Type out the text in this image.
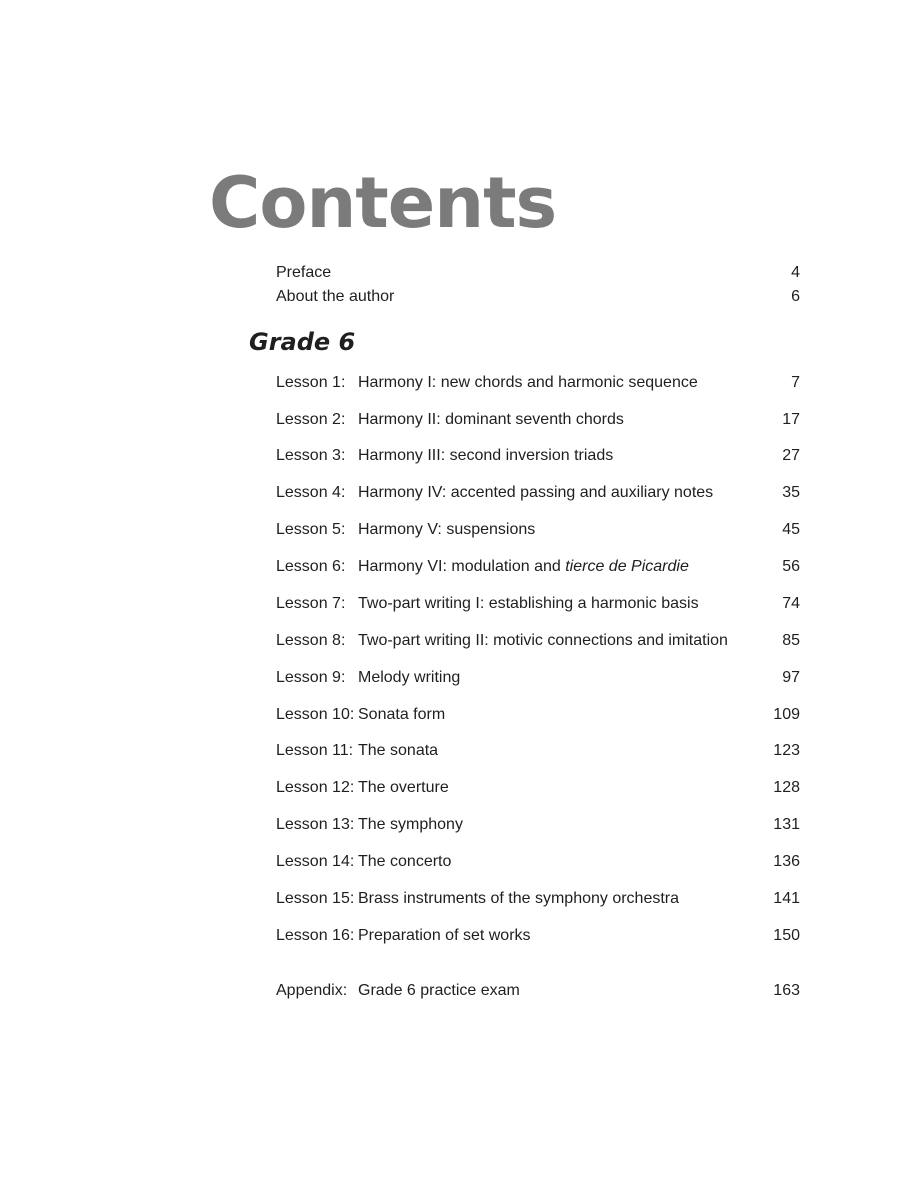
Contents
Preface	4
About the author	6
Grade 6
Lesson 1: Harmony I: new chords and harmonic sequence	7
Lesson 2: Harmony II: dominant seventh chords	17
Lesson 3: Harmony III: second inversion triads	27
Lesson 4: Harmony IV: accented passing and auxiliary notes	35
Lesson 5: Harmony V: suspensions	45
Lesson 6: Harmony VI: modulation and tierce de Picardie	56
Lesson 7: Two-part writing I: establishing a harmonic basis	74
Lesson 8: Two-part writing II: motivic connections and imitation	85
Lesson 9: Melody writing	97
Lesson 10: Sonata form	109
Lesson 11: The sonata	123
Lesson 12: The overture	128
Lesson 13: The symphony	131
Lesson 14: The concerto	136
Lesson 15: Brass instruments of the symphony orchestra	141
Lesson 16: Preparation of set works	150
Appendix: Grade 6 practice exam	163
